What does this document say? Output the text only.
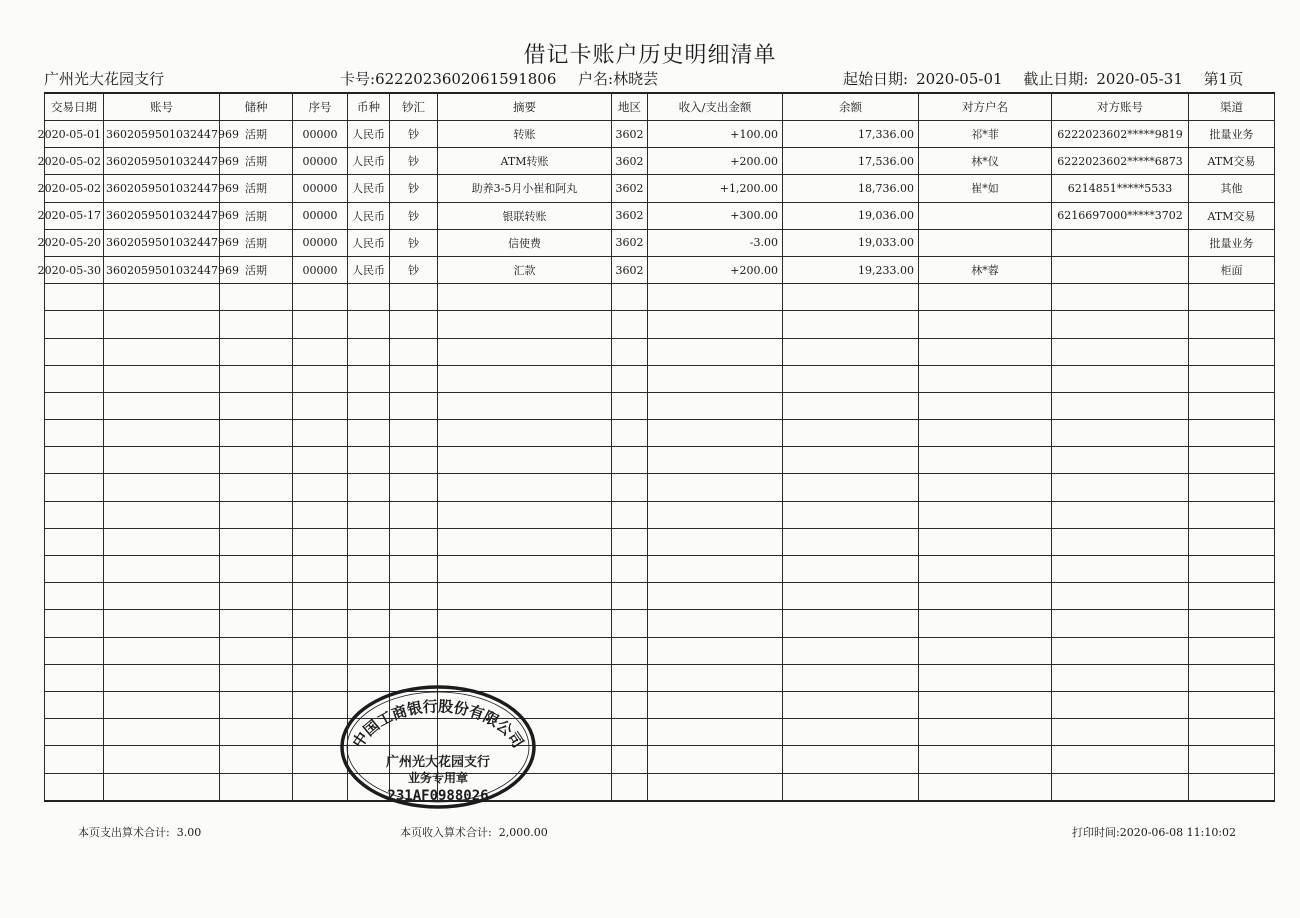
借记卡账户历史明细清单
广州光大花园支行	卡号:6222023602061591806 户名:林晓芸	起始日期: 2020-05-01 截止日期: 2020-05-31 第1页
交易日期	账号	储种	序号	币种	钞汇	摘要	地区	收入/支出金额	余额	对方户名	对方账号	渠道
2020-05-01	3602059501032447969	活期	00000	人民币	钞	转账	3602	+100.00	17,336.00	祁*菲	6222023602*****9819	批量业务
2020-05-02	3602059501032447969	活期	00000	人民币	钞	ATM转账	3602	+200.00	17,536.00	林*仪	6222023602*****6873	ATM交易
2020-05-02	3602059501032447969	活期	00000	人民币	钞	助养3-5月小崔和阿丸	3602	+1,200.00	18,736.00	崔*如	6214851*****5533	其他
2020-05-17	3602059501032447969	活期	00000	人民币	钞	银联转账	3602	+300.00	19,036.00		6216697000*****3702	ATM交易
2020-05-20	3602059501032447969	活期	00000	人民币	钞	信使费	3602	-3.00	19,033.00			批量业务
2020-05-30	3602059501032447969	活期	00000	人民币	钞	汇款	3602	+200.00	19,233.00	林*蓉		柜面

本页支出算术合计: 3.00	本页收入算术合计: 2,000.00	打印时间:2020-06-08 11:10:02
中国工商银行股份有限公司
广州光大花园支行
业务专用章
231AF0988026
